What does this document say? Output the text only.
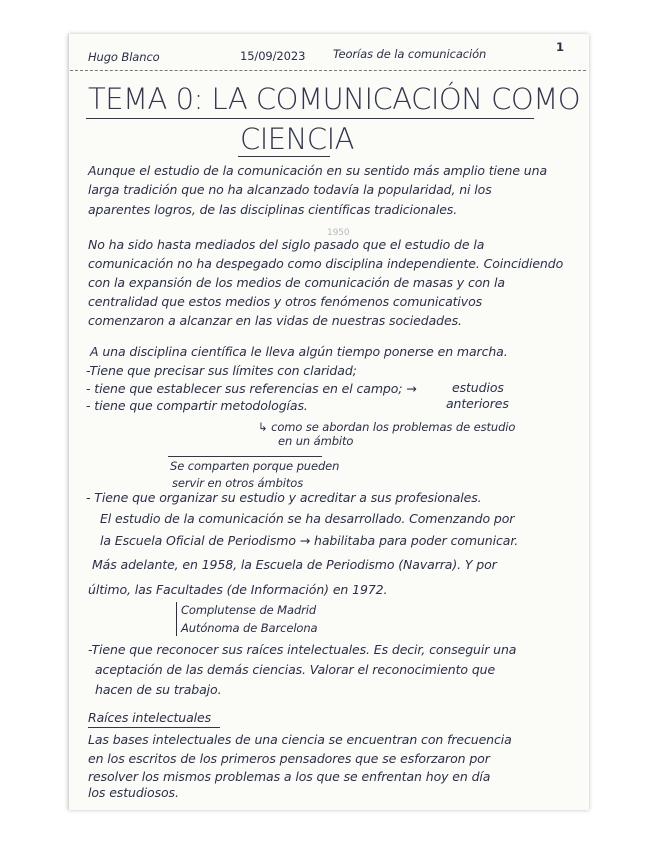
Hugo Blanco	15/09/2023 Teorías de la comunicación	1
TEMA 0: LA COMUNICACIÓN COMO
CIENCIA
Aunque el estudio de la comunicación en su sentido más amplio tiene una
larga tradición que no ha alcanzado todavía la popularidad, ni los
aparentes logros, de las disciplinas científicas tradicionales.
1950
No ha sido hasta mediados del siglo pasado que el estudio de la
comunicación no ha despegado como disciplina independiente. Coincidiendo
con la expansión de los medios de comunicación de masas y con la
centralidad que estos medios y otros fenómenos comunicativos
comenzaron a alcanzar en las vidas de nuestras sociedades.
A una disciplina científica le lleva algún tiempo ponerse en marcha.
-Tiene que precisar sus límites con claridad;
- tiene que establecer sus referencias en el campo; →
- tiene que compartir metodologías.
estudios
anteriores
↳ como se abordan los problemas de estudio
en un ámbito
Se comparten porque pueden
servir en otros ámbitos
- Tiene que organizar su estudio y acreditar a sus profesionales.
El estudio de la comunicación se ha desarrollado. Comenzando por
la Escuela Oficial de Periodismo → habilitaba para poder comunicar.
Más adelante, en 1958, la Escuela de Periodismo (Navarra). Y por
último, las Facultades (de Información) en 1972.
Complutense de Madrid
Autónoma de Barcelona
-Tiene que reconocer sus raíces intelectuales. Es decir, conseguir una
aceptación de las demás ciencias. Valorar el reconocimiento que
hacen de su trabajo.
Raíces intelectuales
Las bases intelectuales de una ciencia se encuentran con frecuencia
en los escritos de los primeros pensadores que se esforzaron por
resolver los mismos problemas a los que se enfrentan hoy en día
los estudiosos.
